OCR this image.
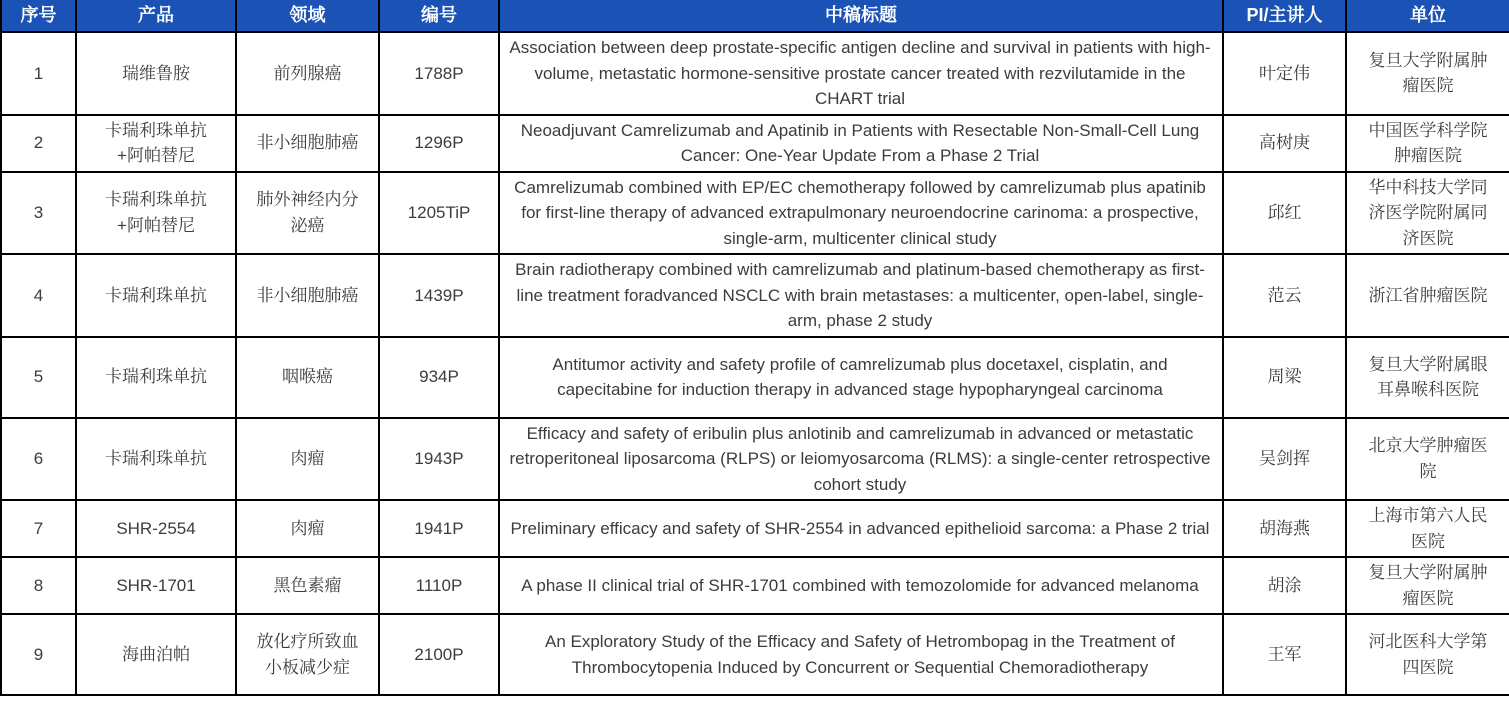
序号	产品	领域	编号	中稿标题	PI/主讲人	单位
1	瑞维鲁胺	前列腺癌	1788P	Association between deep prostate-specific antigen decline and survival in patients with high-volume, metastatic hormone-sensitive prostate cancer treated with rezvilutamide in the CHART trial	叶定伟	复旦大学附属肿瘤医院
2	卡瑞利珠单抗+阿帕替尼	非小细胞肺癌	1296P	Neoadjuvant Camrelizumab and Apatinib in Patients with Resectable Non-Small-Cell Lung Cancer: One-Year Update From a Phase 2 Trial	高树庚	中国医学科学院肿瘤医院
3	卡瑞利珠单抗+阿帕替尼	肺外神经内分泌癌	1205TiP	Camrelizumab combined with EP/EC chemotherapy followed by camrelizumab plus apatinib for first-line therapy of advanced extrapulmonary neuroendocrine carinoma: a prospective, single-arm, multicenter clinical study	邱红	华中科技大学同济医学院附属同济医院
4	卡瑞利珠单抗	非小细胞肺癌	1439P	Brain radiotherapy combined with camrelizumab and platinum-based chemotherapy as first-line treatment foradvanced NSCLC with brain metastases: a multicenter, open-label, single-arm, phase 2 study	范云	浙江省肿瘤医院
5	卡瑞利珠单抗	咽喉癌	934P	Antitumor activity and safety profile of camrelizumab plus docetaxel, cisplatin, and capecitabine for induction therapy in advanced stage hypopharyngeal carcinoma	周梁	复旦大学附属眼耳鼻喉科医院
6	卡瑞利珠单抗	肉瘤	1943P	Efficacy and safety of eribulin plus anlotinib and camrelizumab in advanced or metastatic retroperitoneal liposarcoma (RLPS) or leiomyosarcoma (RLMS): a single-center retrospective cohort study	吴剑挥	北京大学肿瘤医院
7	SHR-2554	肉瘤	1941P	Preliminary efficacy and safety of SHR-2554 in advanced epithelioid sarcoma: a Phase 2 trial	胡海燕	上海市第六人民医院
8	SHR-1701	黑色素瘤	1110P	A phase II clinical trial of SHR-1701 combined with temozolomide for advanced melanoma	胡涂	复旦大学附属肿瘤医院
9	海曲泊帕	放化疗所致血小板减少症	2100P	An Exploratory Study of the Efficacy and Safety of Hetrombopag in the Treatment of Thrombocytopenia Induced by Concurrent or Sequential Chemoradiotherapy	王军	河北医科大学第四医院
